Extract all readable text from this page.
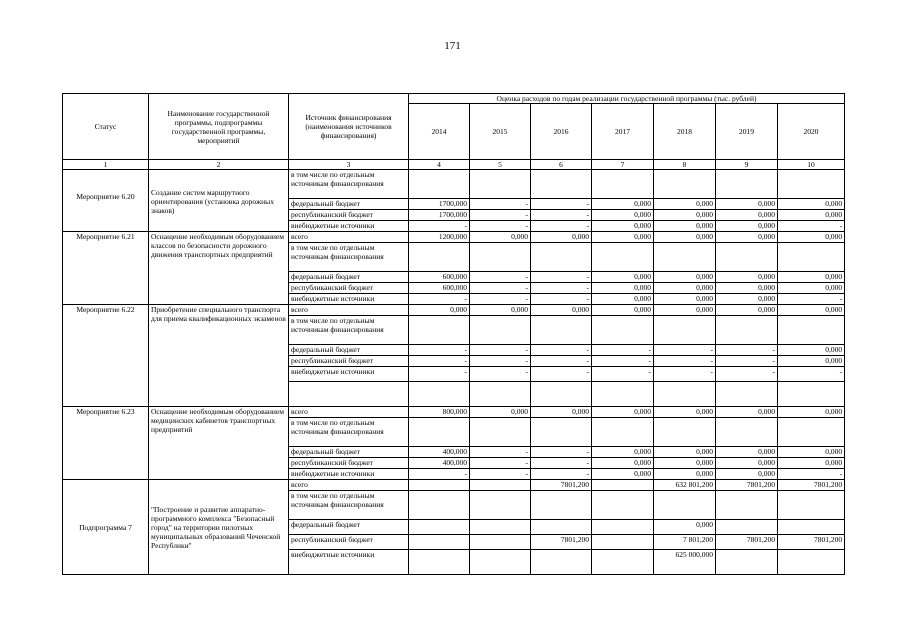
171
Статус	Наименование государственной программы, подпрограммы государственной программы, мероприятий	Источник финансирования (наименования источников финансирования)	Оценка расходов по годам реализации государственной программы (тыс. рублей)						
			2014	2015	2016	2017	2018	2019	2020
1	2	3	4	5	6	7	8	9	10
Мероприятие 6.20	Создание систем маршрутного ориентирования (установка дорожных знаков)	в том числе по отдельным источникам финансирования							
		федеральный бюджет	1700,000	-	-	0,000	0,000	0,000	0,000
		республиканский бюджет	1700,000	-	-	0,000	0,000	0,000	0,000
		внебюджетные источники	-	-	-	0,000	0,000	0,000	-
Мероприятие 6.21	Оснащение необходимым оборудованием классов по безопасности дорожного движения транспортных предприятий	всего	1200,000	0,000	0,000	0,000	0,000	0,000	0,000
		в том числе по отдельным источникам финансирования							
		федеральный бюджет	600,000	-	-	0,000	0,000	0,000	0,000
		республиканский бюджет	600,000	-	-	0,000	0,000	0,000	0,000
		внебюджетные источники	-	-	-	0,000	0,000	0,000	-
Мероприятие 6.22	Приобретение специального транспорта для приема квалификационных экзаменов	всего	0,000	0,000	0,000	0,000	0,000	0,000	0,000
		в том числе по отдельным источникам финансирования							
		федеральный бюджет	-	-	-	-	-	-	0,000
		республиканский бюджет	-	-	-	-	-	-	0,000
		внебюджетные источники	-	-	-	-	-	-	-

Мероприятие 6.23	Оснащение необходимым оборудованием медицинских кабинетов транспортных предприятий	всего	800,000	0,000	0,000	0,000	0,000	0,000	0,000
		в том числе по отдельным источникам финансирования							
		федеральный бюджет	400,000	-	-	0,000	0,000	0,000	0,000
		республиканский бюджет	400,000	-	-	0,000	0,000	0,000	0,000
		внебюджетные источники	-	-	-	0,000	0,000	0,000	-
Подпрограмма 7	"Построение и развитие аппаратно-программного комплекса "Безопасный город" на территории пилотных муниципальных образований Чеченской Республики"	всего			7801,200		632 801,200	7801,200	7801,200
		в том числе по отдельным источникам финансирования							
		федеральный бюджет					0,000		
		республиканский бюджет			7801,200		7 801,200	7801,200	7801,200
		внебюджетные источники					625 000,000		
